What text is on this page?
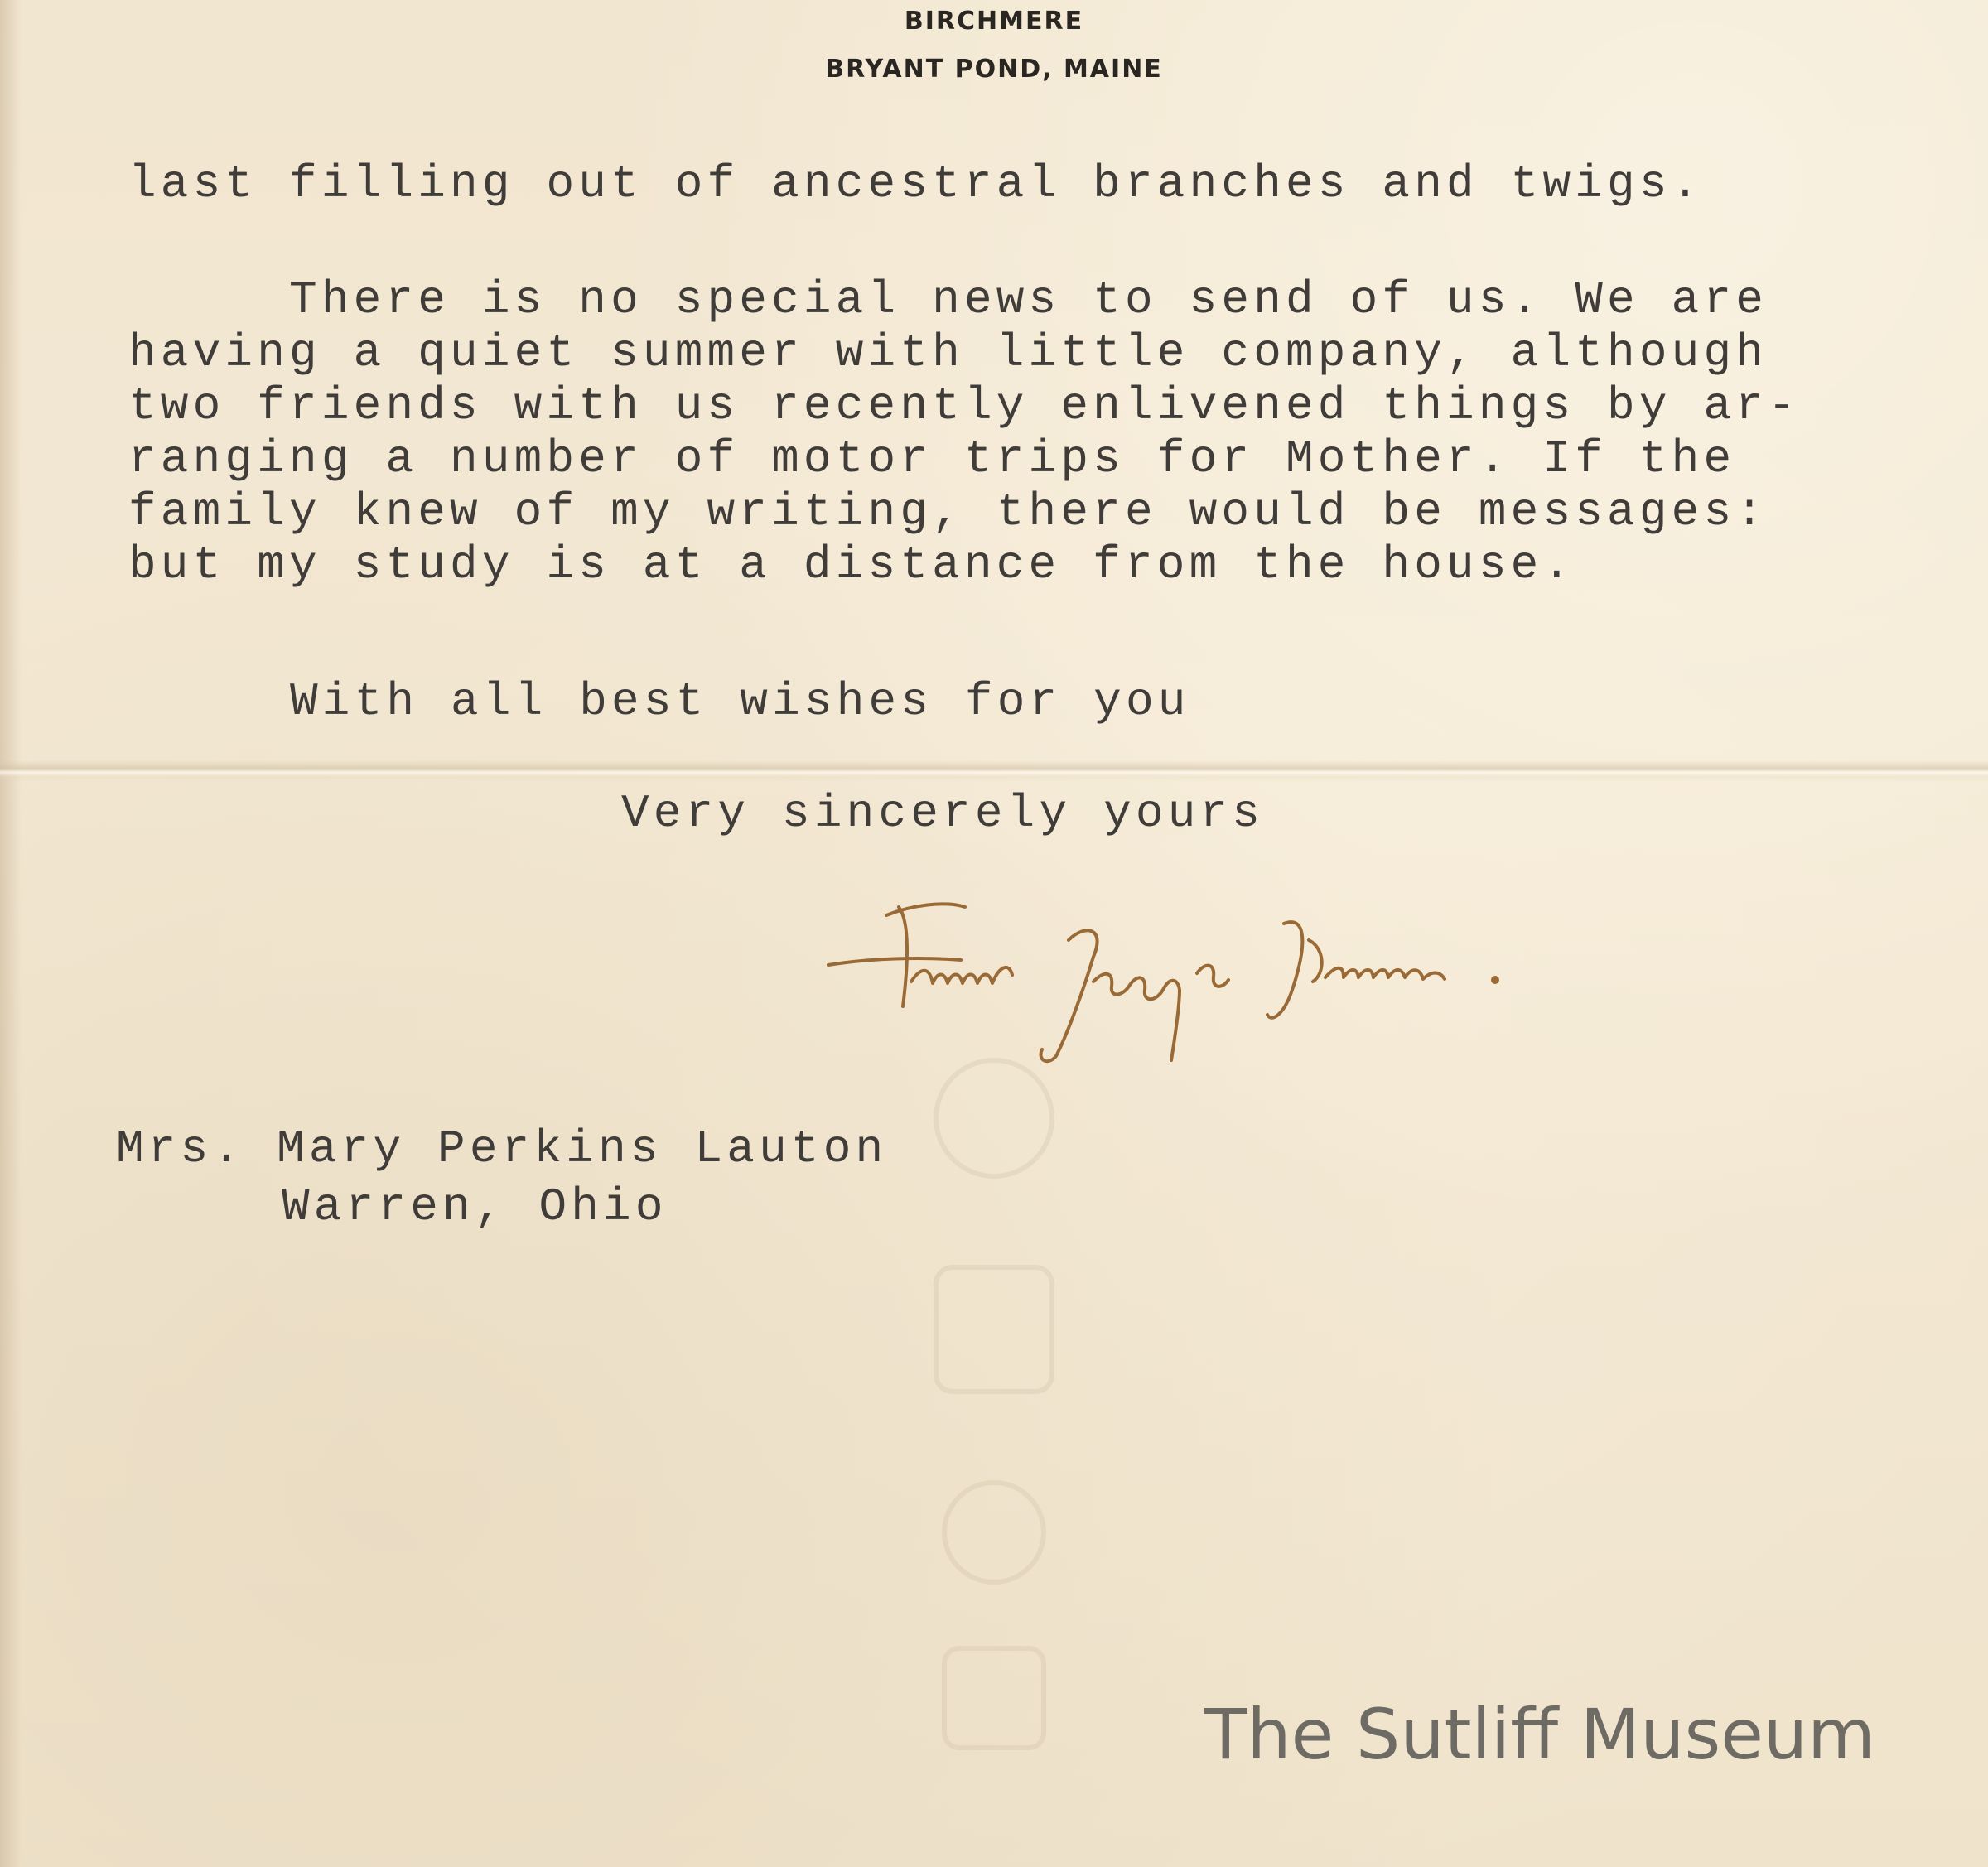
BIRCHMERE
BRYANT POND, MAINE
last filling out of ancestral branches and twigs.
There is no special news to send of us. We are
having a quiet summer with little company, although
two friends with us recently enlivened things by ar-
ranging a number of motor trips for Mother. If the
family knew of my writing, there would be messages:
but my study is at a distance from the house.
With all best wishes for you
Very sincerely yours
Mrs. Mary Perkins Lauton
Warren, Ohio
The Sutliff Museum
